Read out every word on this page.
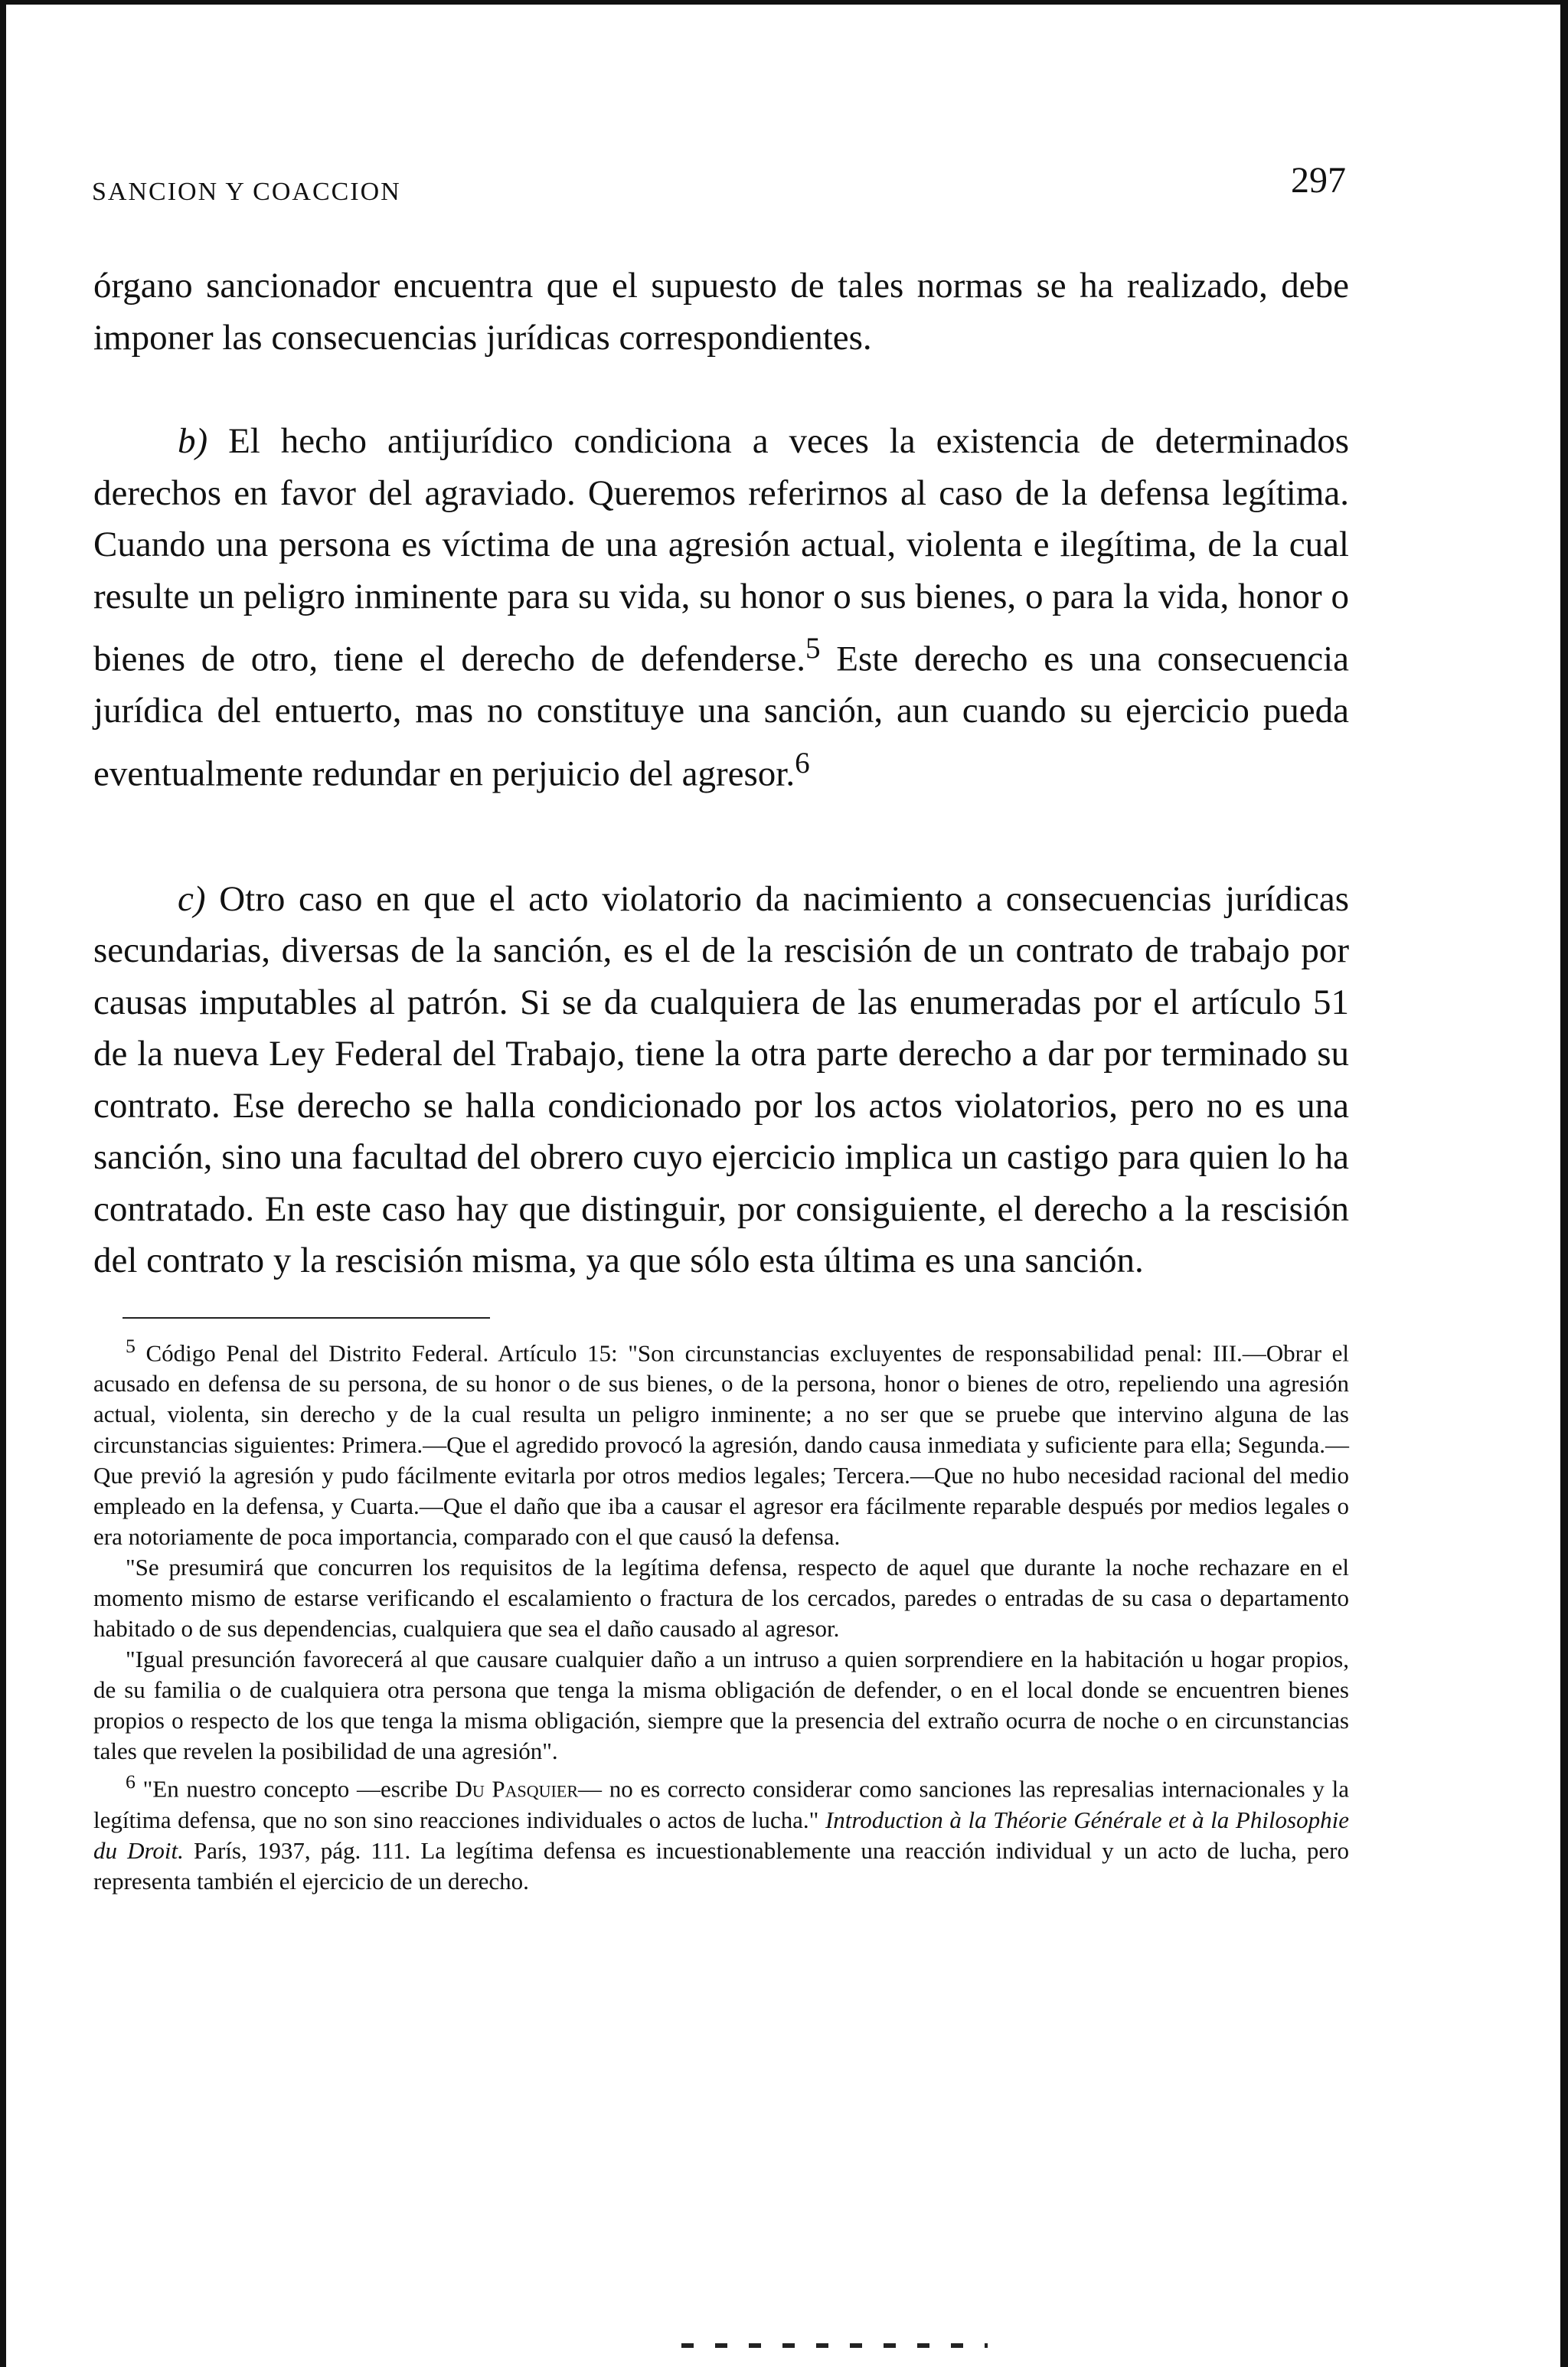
SANCION Y COACCION	297

órgano sancionador encuentra que el supuesto de tales normas se ha realizado, debe imponer las consecuencias jurídicas correspondientes.

b) El hecho antijurídico condiciona a veces la existencia de determinados derechos en favor del agraviado. Queremos referirnos al caso de la defensa legítima. Cuando una persona es víctima de una agresión actual, violenta e ilegítima, de la cual resulte un peligro inminente para su vida, su honor o sus bienes, o para la vida, honor o bienes de otro, tiene el derecho de defenderse.$^5$ Este derecho es una consecuencia jurídica del entuerto, mas no constituye una sanción, aun cuando su ejercicio pueda eventualmente redundar en perjuicio del agresor.$^6$

c) Otro caso en que el acto violatorio da nacimiento a consecuencias jurídicas secundarias, diversas de la sanción, es el de la rescisión de un contrato de trabajo por causas imputables al patrón. Si se da cualquiera de las enumeradas por el artículo 51 de la nueva Ley Federal del Trabajo, tiene la otra parte derecho a dar por terminado su contrato. Ese derecho se halla condicionado por los actos violatorios, pero no es una sanción, sino una facultad del obrero cuyo ejercicio implica un castigo para quien lo ha contratado. En este caso hay que distinguir, por consiguiente, el derecho a la rescisión del contrato y la rescisión misma, ya que sólo esta última es una sanción.

$^5$ Código Penal del Distrito Federal. Artículo 15: "Son circunstancias excluyentes de responsabilidad penal: III.—Obrar el acusado en defensa de su persona, de su honor o de sus bienes, o de la persona, honor o bienes de otro, repeliendo una agresión actual, violenta, sin derecho y de la cual resulta un peligro inminente; a no ser que se pruebe que intervino alguna de las circunstancias siguientes: Primera.—Que el agredido provocó la agresión, dando causa inmediata y suficiente para ella; Segunda.—Que previó la agresión y pudo fácilmente evitarla por otros medios legales; Tercera.—Que no hubo necesidad racional del medio empleado en la defensa, y Cuarta.—Que el daño que iba a causar el agresor era fácilmente reparable después por medios legales o era notoriamente de poca importancia, comparado con el que causó la defensa.

"Se presumirá que concurren los requisitos de la legítima defensa, respecto de aquel que durante la noche rechazare en el momento mismo de estarse verificando el escalamiento o fractura de los cercados, paredes o entradas de su casa o departamento habitado o de sus dependencias, cualquiera que sea el daño causado al agresor.

"Igual presunción favorecerá al que causare cualquier daño a un intruso a quien sorprendiere en la habitación u hogar propios, de su familia o de cualquiera otra persona que tenga la misma obligación de defender, o en el local donde se encuentren bienes propios o respecto de los que tenga la misma obligación, siempre que la presencia del extraño ocurra de noche o en circunstancias tales que revelen la posibilidad de una agresión".

$^6$ "En nuestro concepto —escribe Du Pasquier— no es correcto considerar como sanciones las represalias internacionales y la legítima defensa, que no son sino reacciones individuales o actos de lucha." Introduction à la Théorie Générale et à la Philosophie du Droit. París, 1937, pág. 111. La legítima defensa es incuestionablemente una reacción individual y un acto de lucha, pero representa también el ejercicio de un derecho.
